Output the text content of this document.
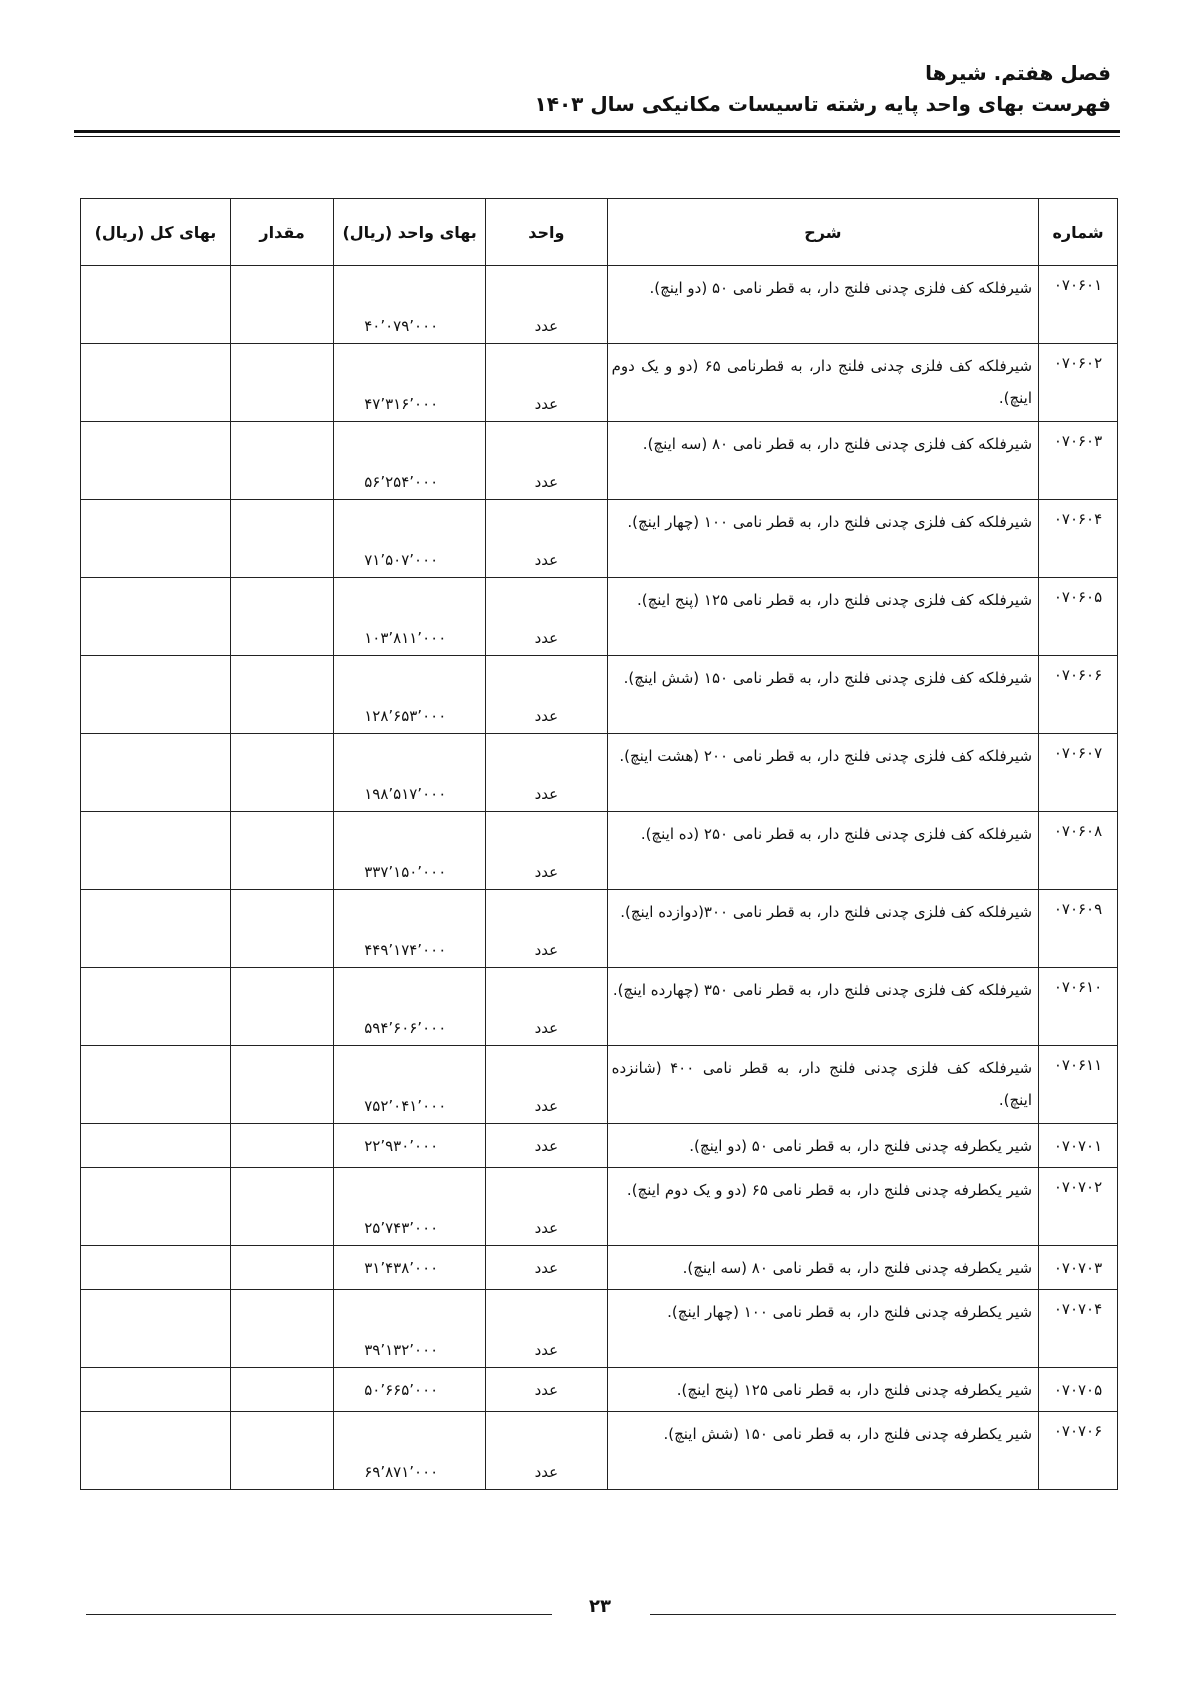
فصل هفتم. شیرها
فهرست بهای واحد پایه رشته تاسیسات مکانیکی سال ۱۴۰۳
شماره	شرح	واحد	بهای واحد (ریال)	مقدار	بهای کل (ریال)
۰۷۰۶۰۱	شیرفلکه کف فلزی چدنی فلنج دار، به قطر نامی ۵۰ (دو اینچ).	عدد	۴۰٬۰۷۹٬۰۰۰		
۰۷۰۶۰۲	شیرفلکه کف فلزی چدنی فلنج دار، به قطرنامی ۶۵ (دو و یک دوم اینچ).	عدد	۴۷٬۳۱۶٬۰۰۰		
۰۷۰۶۰۳	شیرفلکه کف فلزی چدنی فلنج دار، به قطر نامی ۸۰ (سه اینچ).	عدد	۵۶٬۲۵۴٬۰۰۰		
۰۷۰۶۰۴	شیرفلکه کف فلزی چدنی فلنج دار، به قطر نامی ۱۰۰ (چهار اینچ).	عدد	۷۱٬۵۰۷٬۰۰۰		
۰۷۰۶۰۵	شیرفلکه کف فلزی چدنی فلنج دار، به قطر نامی ۱۲۵ (پنج اینچ).	عدد	۱۰۳٬۸۱۱٬۰۰۰		
۰۷۰۶۰۶	شیرفلکه کف فلزی چدنی فلنج دار، به قطر نامی ۱۵۰ (شش اینچ).	عدد	۱۲۸٬۶۵۳٬۰۰۰		
۰۷۰۶۰۷	شیرفلکه کف فلزی چدنی فلنج دار، به قطر نامی ۲۰۰ (هشت اینچ).	عدد	۱۹۸٬۵۱۷٬۰۰۰		
۰۷۰۶۰۸	شیرفلکه کف فلزی چدنی فلنج دار، به قطر نامی ۲۵۰ (ده اینچ).	عدد	۳۳۷٬۱۵۰٬۰۰۰		
۰۷۰۶۰۹	شیرفلکه کف فلزی چدنی فلنج دار، به قطر نامی ۳۰۰(دوازده اینچ).	عدد	۴۴۹٬۱۷۴٬۰۰۰		
۰۷۰۶۱۰	شیرفلکه کف فلزی چدنی فلنج دار، به قطر نامی ۳۵۰ (چهارده اینچ).	عدد	۵۹۴٬۶۰۶٬۰۰۰		
۰۷۰۶۱۱	شیرفلکه کف فلزی چدنی فلنج دار، به قطر نامی ۴۰۰ (شانزده اینچ).	عدد	۷۵۲٬۰۴۱٬۰۰۰		
۰۷۰۷۰۱	شیر یکطرفه چدنی فلنج دار، به قطر نامی ۵۰ (دو اینچ).	عدد	۲۲٬۹۳۰٬۰۰۰		
۰۷۰۷۰۲	شیر یکطرفه چدنی فلنج دار، به قطر نامی ۶۵ (دو و یک دوم اینچ).	عدد	۲۵٬۷۴۳٬۰۰۰		
۰۷۰۷۰۳	شیر یکطرفه چدنی فلنج دار، به قطر نامی ۸۰ (سه اینچ).	عدد	۳۱٬۴۳۸٬۰۰۰		
۰۷۰۷۰۴	شیر یکطرفه چدنی فلنج دار، به قطر نامی ۱۰۰ (چهار اینچ).	عدد	۳۹٬۱۳۲٬۰۰۰		
۰۷۰۷۰۵	شیر یکطرفه چدنی فلنج دار، به قطر نامی ۱۲۵ (پنج اینچ).	عدد	۵۰٬۶۶۵٬۰۰۰		
۰۷۰۷۰۶	شیر یکطرفه چدنی فلنج دار، به قطر نامی ۱۵۰ (شش اینچ).	عدد	۶۹٬۸۷۱٬۰۰۰		
۲۳
